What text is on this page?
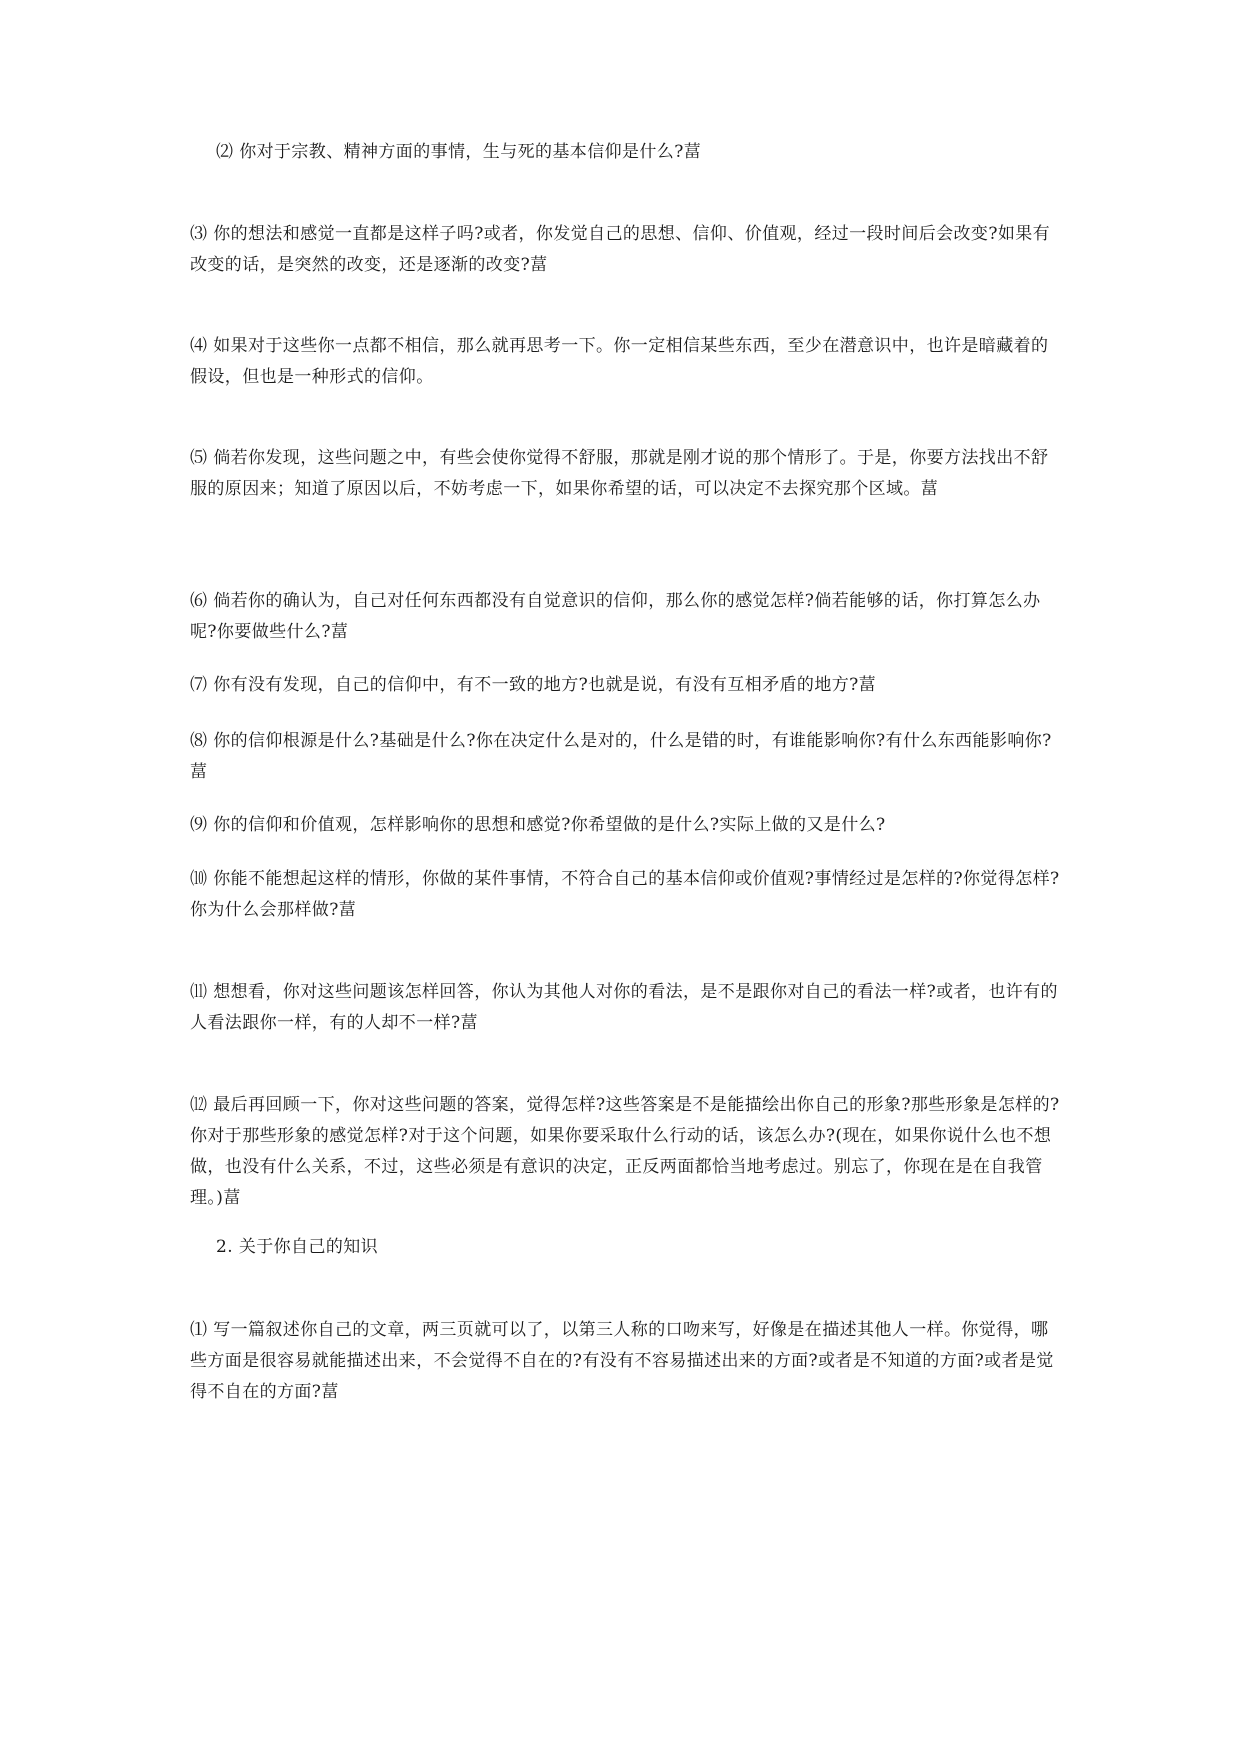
⑵ 你对于宗教、精神方面的事情，生与死的基本信仰是什么?葍

⑶ 你的想法和感觉一直都是这样子吗?或者，你发觉自己的思想、信仰、价值观，经过一段时间后会改变?如果有改变的话，是突然的改变，还是逐渐的改变?葍

⑷ 如果对于这些你一点都不相信，那么就再思考一下。你一定相信某些东西，至少在潜意识中，也许是暗藏着的假设，但也是一种形式的信仰。

⑸ 倘若你发现，这些问题之中，有些会使你觉得不舒服，那就是刚才说的那个情形了。于是，你要方法找出不舒服的原因来；知道了原因以后，不妨考虑一下，如果你希望的话，可以决定不去探究那个区域。葍

⑹ 倘若你的确认为，自己对任何东西都没有自觉意识的信仰，那么你的感觉怎样?倘若能够的话，你打算怎么办呢?你要做些什么?葍

⑺ 你有没有发现，自己的信仰中，有不一致的地方?也就是说，有没有互相矛盾的地方?葍

⑻ 你的信仰根源是什么?基础是什么?你在决定什么是对的，什么是错的时，有谁能影响你?有什么东西能影响你?葍

⑼ 你的信仰和价值观，怎样影响你的思想和感觉?你希望做的是什么?实际上做的又是什么?

⑽ 你能不能想起这样的情形，你做的某件事情，不符合自己的基本信仰或价值观?事情经过是怎样的?你觉得怎样?你为什么会那样做?葍

⑾ 想想看，你对这些问题该怎样回答，你认为其他人对你的看法，是不是跟你对自己的看法一样?或者，也许有的人看法跟你一样，有的人却不一样?葍

⑿ 最后再回顾一下，你对这些问题的答案，觉得怎样?这些答案是不是能描绘出你自己的形象?那些形象是怎样的?你对于那些形象的感觉怎样?对于这个问题，如果你要采取什么行动的话，该怎么办?(现在，如果你说什么也不想做，也没有什么关系，不过，这些必须是有意识的决定，正反两面都恰当地考虑过。别忘了，你现在是在自我管理。)葍

2. 关于你自己的知识

⑴ 写一篇叙述你自己的文章，两三页就可以了，以第三人称的口吻来写，好像是在描述其他人一样。你觉得，哪些方面是很容易就能描述出来，不会觉得不自在的?有没有不容易描述出来的方面?或者是不知道的方面?或者是觉得不自在的方面?葍
